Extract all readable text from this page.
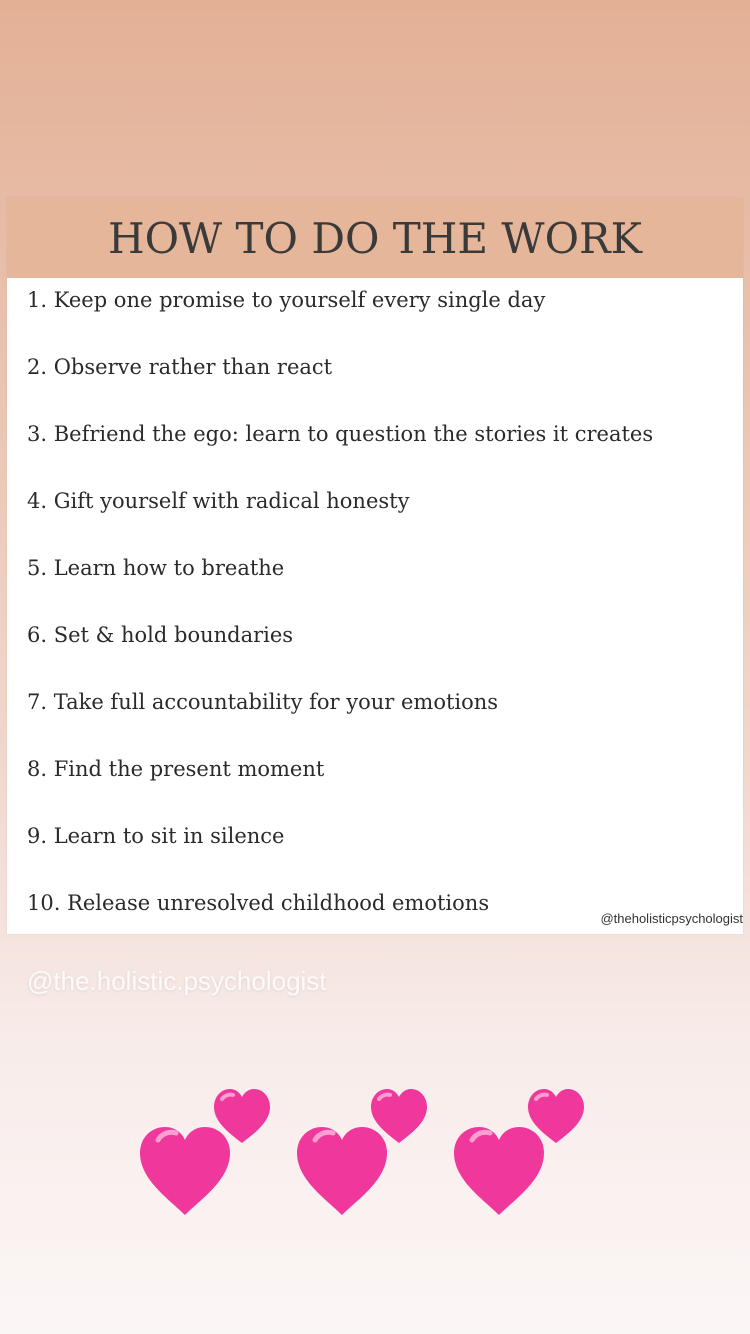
HOW TO DO THE WORK
1. Keep one promise to yourself every single day
2. Observe rather than react
3. Befriend the ego: learn to question the stories it creates
4. Gift yourself with radical honesty
5. Learn how to breathe
6. Set & hold boundaries
7. Take full accountability for your emotions
8. Find the present moment
9. Learn to sit in silence
10. Release unresolved childhood emotions
@theholisticpsychologist
@the.holistic.psychologist
